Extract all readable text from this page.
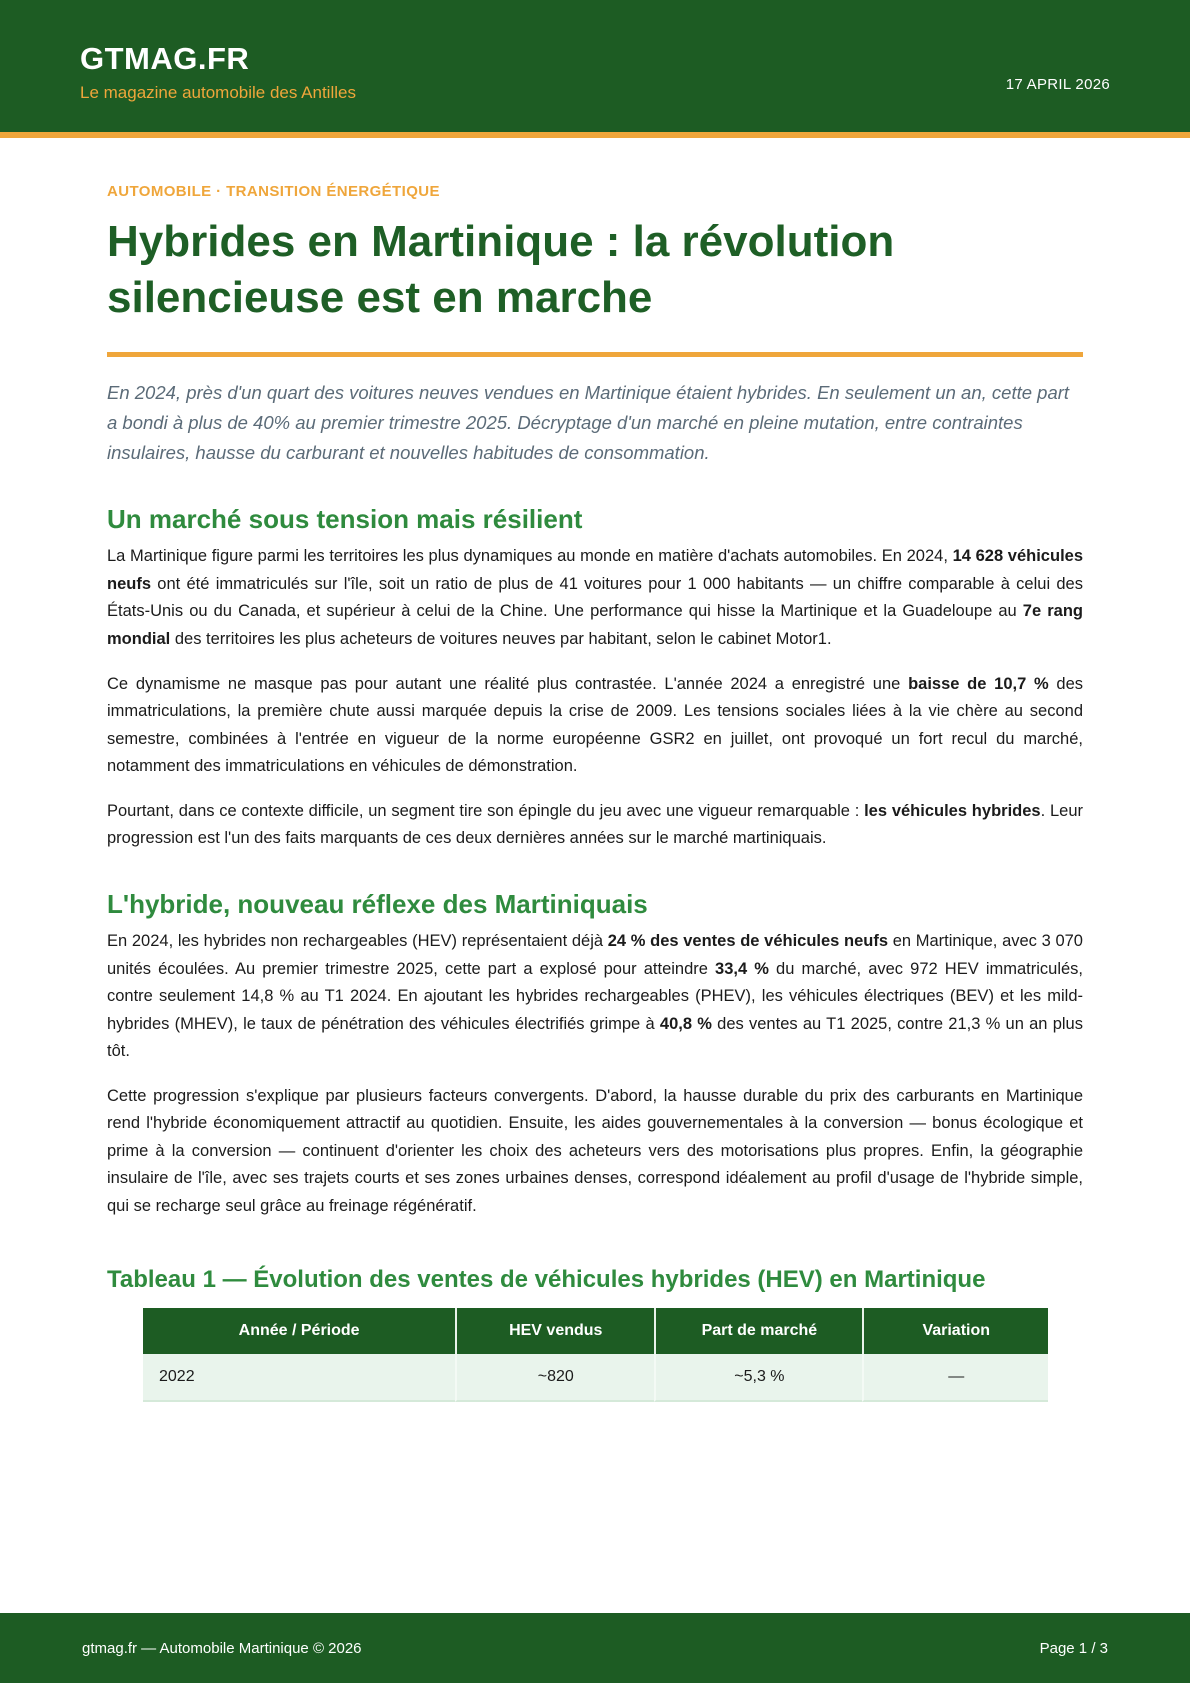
GTMAG.FR
Le magazine automobile des Antilles	17 APRIL 2026
AUTOMOBILE · TRANSITION ÉNERGÉTIQUE
Hybrides en Martinique : la révolution silencieuse est en marche

En 2024, près d'un quart des voitures neuves vendues en Martinique étaient hybrides. En seulement un an, cette part a bondi à plus de 40% au premier trimestre 2025. Décryptage d'un marché en pleine mutation, entre contraintes insulaires, hausse du carburant et nouvelles habitudes de consommation.

Un marché sous tension mais résilient

La Martinique figure parmi les territoires les plus dynamiques au monde en matière d'achats automobiles. En 2024, 14 628 véhicules neufs ont été immatriculés sur l'île, soit un ratio de plus de 41 voitures pour 1 000 habitants — un chiffre comparable à celui des États-Unis ou du Canada, et supérieur à celui de la Chine. Une performance qui hisse la Martinique et la Guadeloupe au 7e rang mondial des territoires les plus acheteurs de voitures neuves par habitant, selon le cabinet Motor1.

Ce dynamisme ne masque pas pour autant une réalité plus contrastée. L'année 2024 a enregistré une baisse de 10,7 % des immatriculations, la première chute aussi marquée depuis la crise de 2009. Les tensions sociales liées à la vie chère au second semestre, combinées à l'entrée en vigueur de la norme européenne GSR2 en juillet, ont provoqué un fort recul du marché, notamment des immatriculations en véhicules de démonstration.

Pourtant, dans ce contexte difficile, un segment tire son épingle du jeu avec une vigueur remarquable : les véhicules hybrides. Leur progression est l'un des faits marquants de ces deux dernières années sur le marché martiniquais.

L'hybride, nouveau réflexe des Martiniquais

En 2024, les hybrides non rechargeables (HEV) représentaient déjà 24 % des ventes de véhicules neufs en Martinique, avec 3 070 unités écoulées. Au premier trimestre 2025, cette part a explosé pour atteindre 33,4 % du marché, avec 972 HEV immatriculés, contre seulement 14,8 % au T1 2024. En ajoutant les hybrides rechargeables (PHEV), les véhicules électriques (BEV) et les mild-hybrides (MHEV), le taux de pénétration des véhicules électrifiés grimpe à 40,8 % des ventes au T1 2025, contre 21,3 % un an plus tôt.

Cette progression s'explique par plusieurs facteurs convergents. D'abord, la hausse durable du prix des carburants en Martinique rend l'hybride économiquement attractif au quotidien. Ensuite, les aides gouvernementales à la conversion — bonus écologique et prime à la conversion — continuent d'orienter les choix des acheteurs vers des motorisations plus propres. Enfin, la géographie insulaire de l'île, avec ses trajets courts et ses zones urbaines denses, correspond idéalement au profil d'usage de l'hybride simple, qui se recharge seul grâce au freinage régénératif.

Tableau 1 — Évolution des ventes de véhicules hybrides (HEV) en Martinique
Année / Période	HEV vendus	Part de marché	Variation
2022	~820	~5,3 %	—
gtmag.fr — Automobile Martinique © 2026	Page 1 / 3
